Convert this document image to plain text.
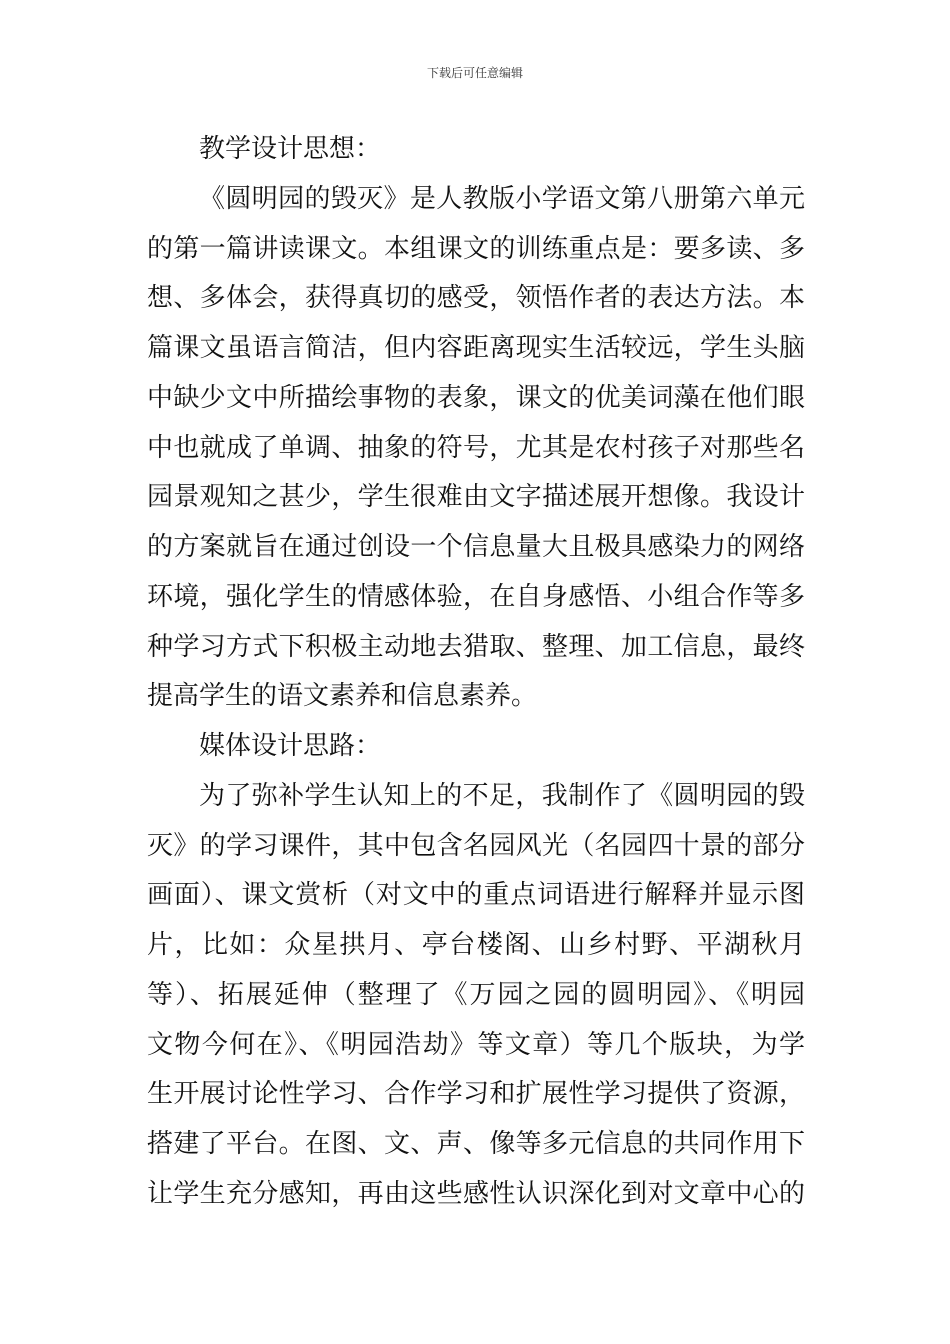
下载后可任意编辑
教学设计思想：
《圆明园的毁灭》是人教版小学语文第八册第六单元
的第一篇讲读课文。本组课文的训练重点是：要多读、多
想、多体会，获得真切的感受，领悟作者的表达方法。本
篇课文虽语言简洁，但内容距离现实生活较远，学生头脑
中缺少文中所描绘事物的表象，课文的优美词藻在他们眼
中也就成了单调、抽象的符号，尤其是农村孩子对那些名
园景观知之甚少，学生很难由文字描述展开想像。我设计
的方案就旨在通过创设一个信息量大且极具感染力的网络
环境，强化学生的情感体验，在自身感悟、小组合作等多
种学习方式下积极主动地去猎取、整理、加工信息，最终
提高学生的语文素养和信息素养。
媒体设计思路：
为了弥补学生认知上的不足，我制作了《圆明园的毁
灭》的学习课件，其中包含名园风光（名园四十景的部分
画面）、课文赏析（对文中的重点词语进行解释并显示图
片，比如：众星拱月、亭台楼阁、山乡村野、平湖秋月
等）、拓展延伸（整理了《万园之园的圆明园》、《明园
文物今何在》、《明园浩劫》等文章）等几个版块，为学
生开展讨论性学习、合作学习和扩展性学习提供了资源，
搭建了平台。在图、文、声、像等多元信息的共同作用下
让学生充分感知，再由这些感性认识深化到对文章中心的
